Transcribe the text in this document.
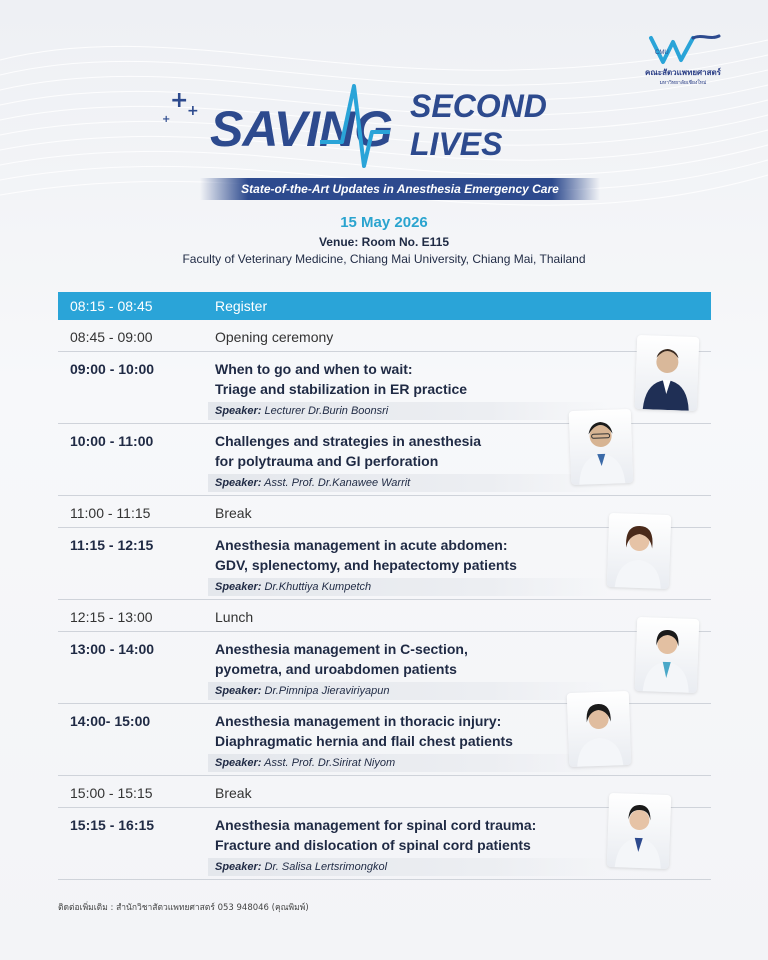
CMU
คณะสัตวแพทยศาสตร์
มหาวิทยาลัยเชียงใหม่
+
+
+ SAVING SECOND
LIVES
State-of-the-Art Updates in Anesthesia Emergency Care
15 May 2026
Venue: Room No. E115
Faculty of Veterinary Medicine, Chiang Mai University, Chiang Mai, Thailand
08:15 - 08:45	Register
08:45 - 09:00	Opening ceremony
09:00 - 10:00	When to go and when to wait:
Triage and stabilization in ER practice
Speaker: Lecturer Dr.Burin Boonsri
10:00 - 11:00	Challenges and strategies in anesthesia
for polytrauma and GI perforation
Speaker: Asst. Prof. Dr.Kanawee Warrit
11:00 - 11:15	Break
11:15 - 12:15	Anesthesia management in acute abdomen:
GDV, splenectomy, and hepatectomy patients
Speaker: Dr.Khuttiya Kumpetch
12:15 - 13:00	Lunch
13:00 - 14:00	Anesthesia management in C-section,
pyometra, and uroabdomen patients
Speaker: Dr.Pimnipa Jieraviriyapun
14:00- 15:00	Anesthesia management in thoracic injury:
Diaphragmatic hernia and flail chest patients
Speaker: Asst. Prof. Dr.Sirirat Niyom
15:00 - 15:15	Break
15:15 - 16:15	Anesthesia management for spinal cord trauma:
Fracture and dislocation of spinal cord patients
Speaker: Dr. Salisa Lertsrimongkol
ติดต่อเพิ่มเติม : สำนักวิชาสัตวแพทยศาสตร์ 053 948046 (คุณพิมพ์)
